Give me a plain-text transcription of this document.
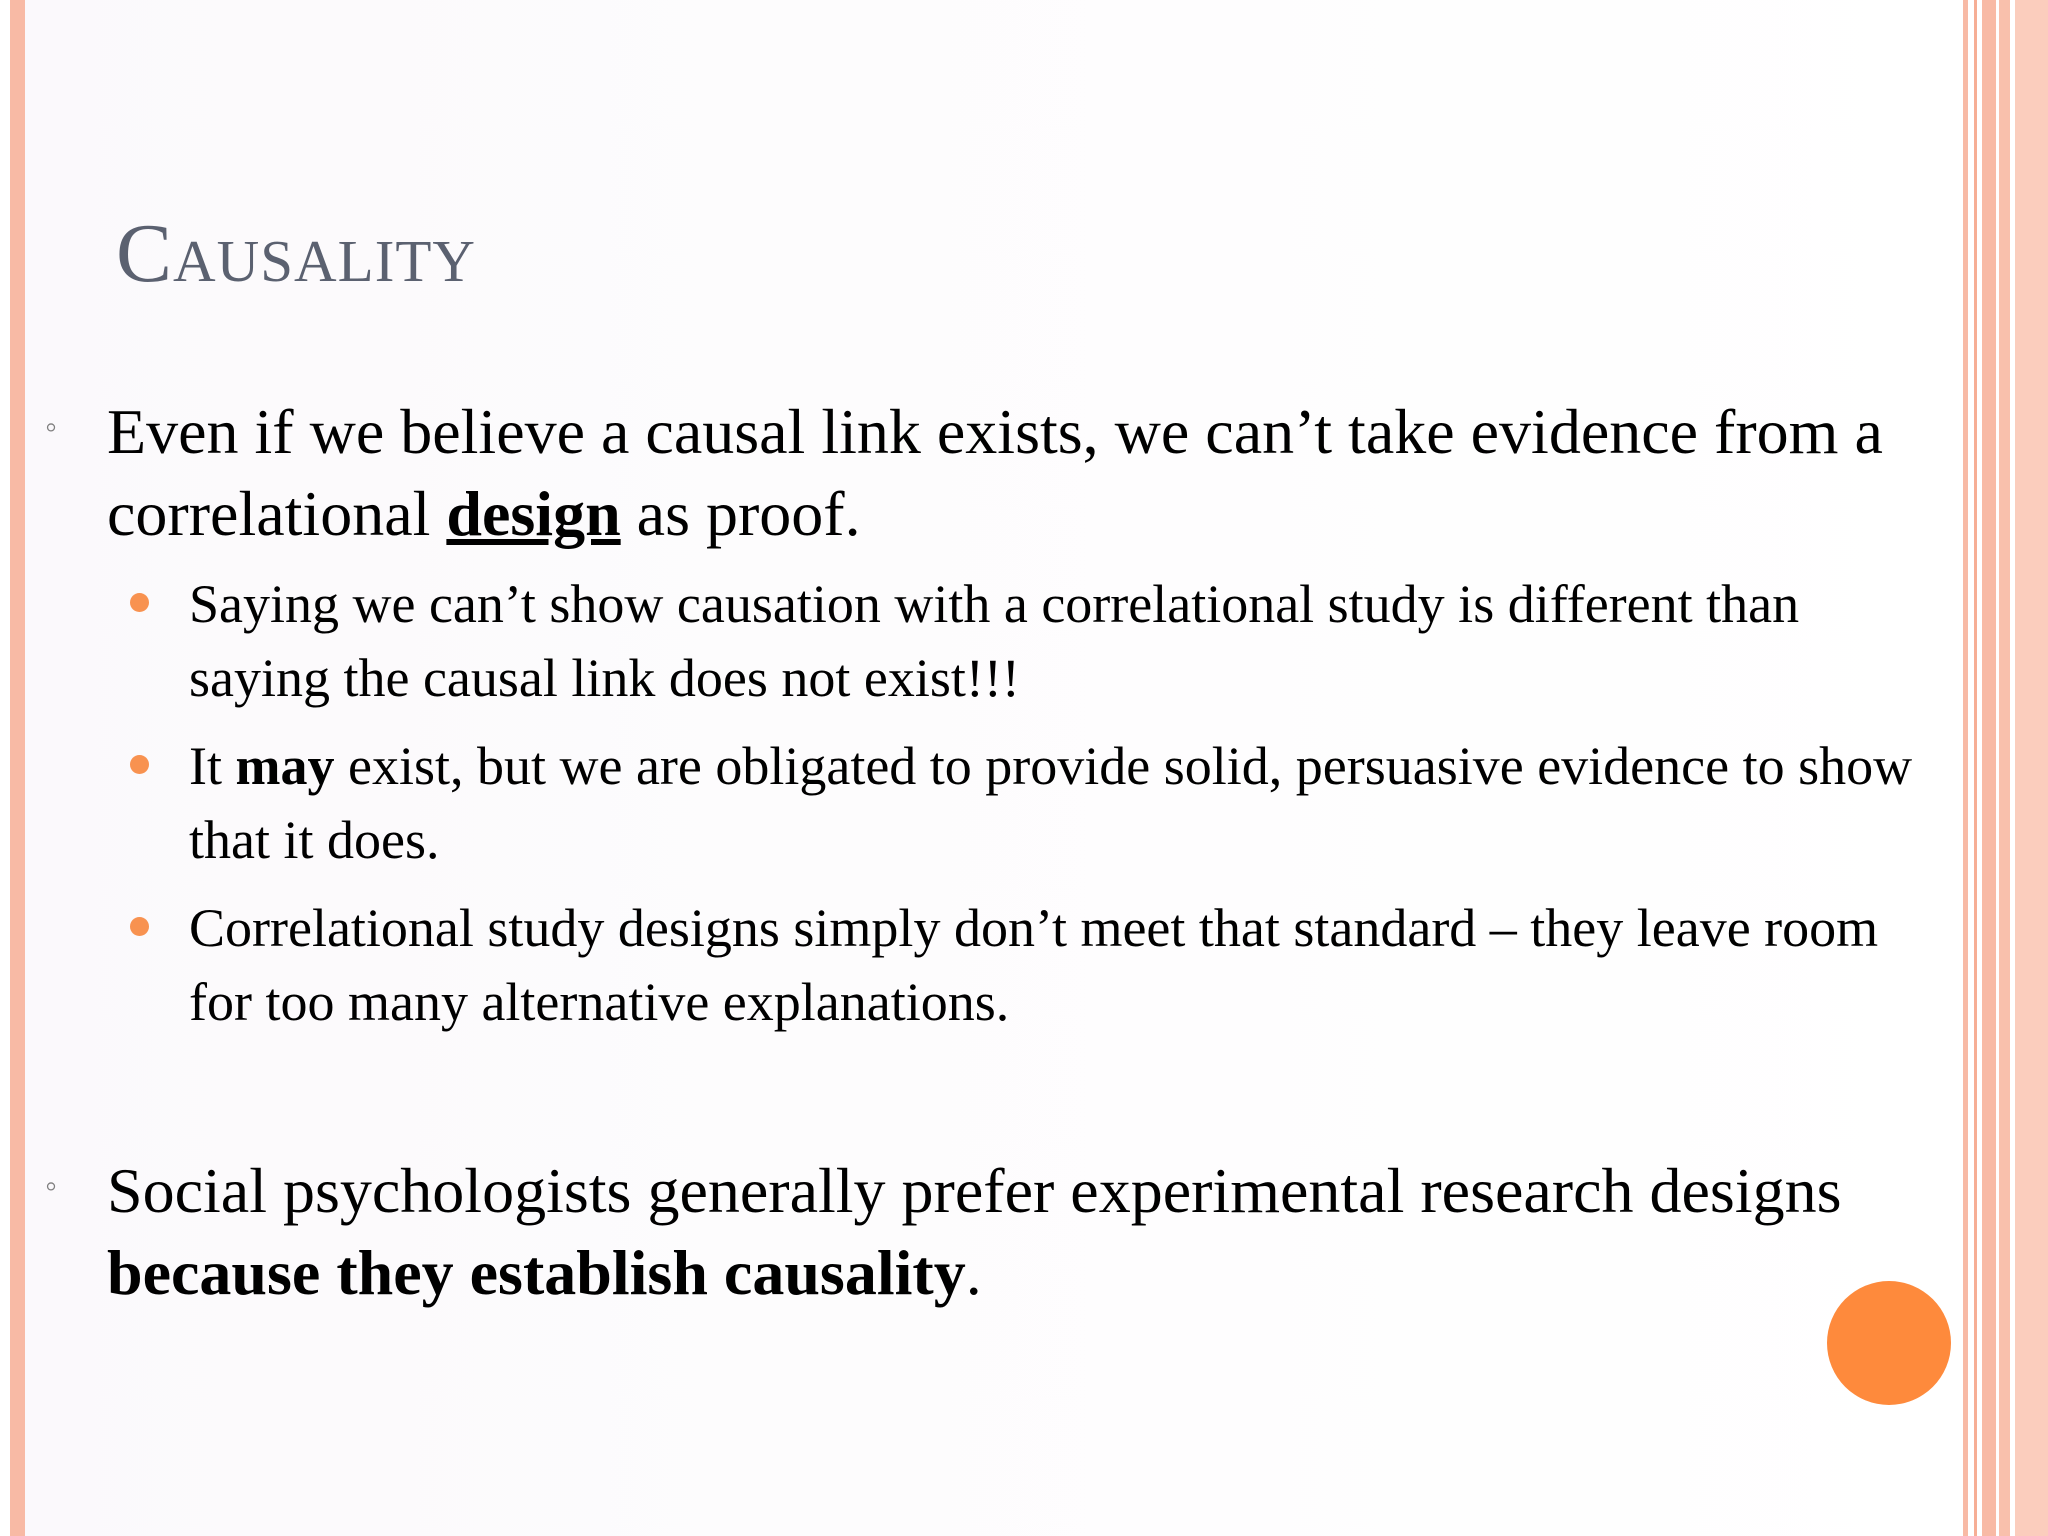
Causality
◦ Even if we believe a causal link exists, we can’t take evidence from a correlational design as proof.
Saying we can’t show causation with a correlational study is different than saying the causal link does not exist!!!
It may exist, but we are obligated to provide solid, persuasive evidence to show that it does.
Correlational study designs simply don’t meet that standard – they leave room for too many alternative explanations.
◦ Social psychologists generally prefer experimental research designs because they establish causality.
